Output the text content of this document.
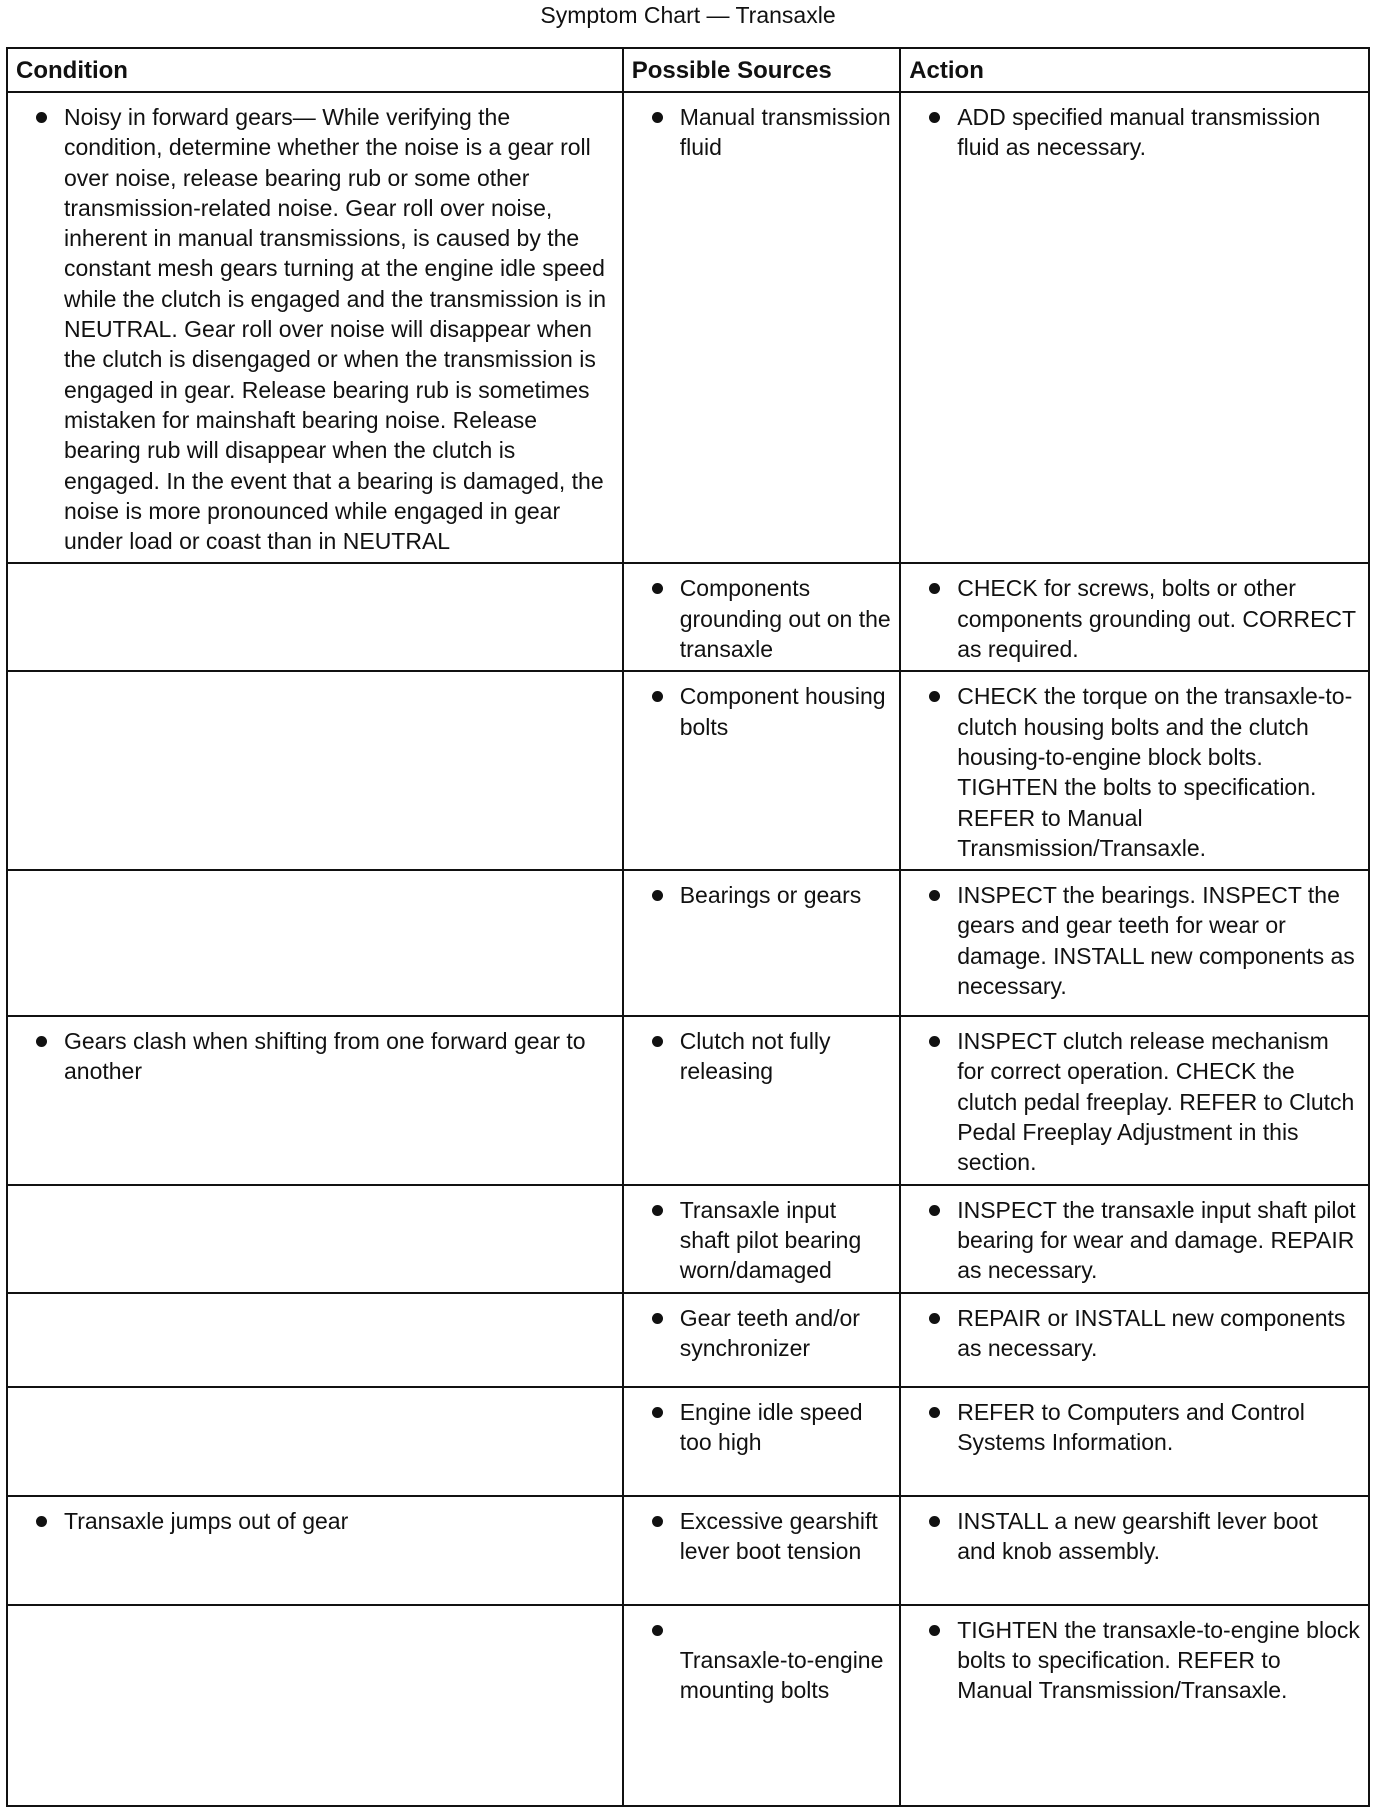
Symptom Chart — Transaxle
Condition	Possible Sources	Action

Noisy in forward gears— While verifying the condition, determine whether the noise is a gear roll over noise, release bearing rub or some other transmission-related noise. Gear roll over noise, inherent in manual transmissions, is caused by the constant mesh gears turning at the engine idle speed while the clutch is engaged and the transmission is in NEUTRAL. Gear roll over noise will disappear when the clutch is disengaged or when the transmission is engaged in gear. Release bearing rub is sometimes mistaken for mainshaft bearing noise. Release bearing rub will disappear when the clutch is engaged. In the event that a bearing is damaged, the noise is more pronounced while engaged in gear under load or coast than in NEUTRAL	Manual transmission fluid	ADD specified manual transmission fluid as necessary.

	Components grounding out on the transaxle	CHECK for screws, bolts or other components grounding out. CORRECT as required.

	Component housing bolts	CHECK the torque on the transaxle-to-clutch housing bolts and the clutch housing-to-engine block bolts. TIGHTEN the bolts to specification. REFER to Manual Transmission/Transaxle.

	Bearings or gears	INSPECT the bearings. INSPECT the gears and gear teeth for wear or damage. INSTALL new components as necessary.

Gears clash when shifting from one forward gear to another	Clutch not fully releasing	INSPECT clutch release mechanism for correct operation. CHECK the clutch pedal freeplay. REFER to Clutch Pedal Freeplay Adjustment in this section.

	Transaxle input shaft pilot bearing worn/damaged	INSPECT the transaxle input shaft pilot bearing for wear and damage. REPAIR as necessary.

	Gear teeth and/or synchronizer	REPAIR or INSTALL new components as necessary.

	Engine idle speed too high	REFER to Computers and Control Systems Information.

Transaxle jumps out of gear	Excessive gearshift lever boot tension	INSTALL a new gearshift lever boot and knob assembly.

	Transaxle-to-engine mounting bolts	TIGHTEN the transaxle-to-engine block bolts to specification. REFER to Manual Transmission/Transaxle.
